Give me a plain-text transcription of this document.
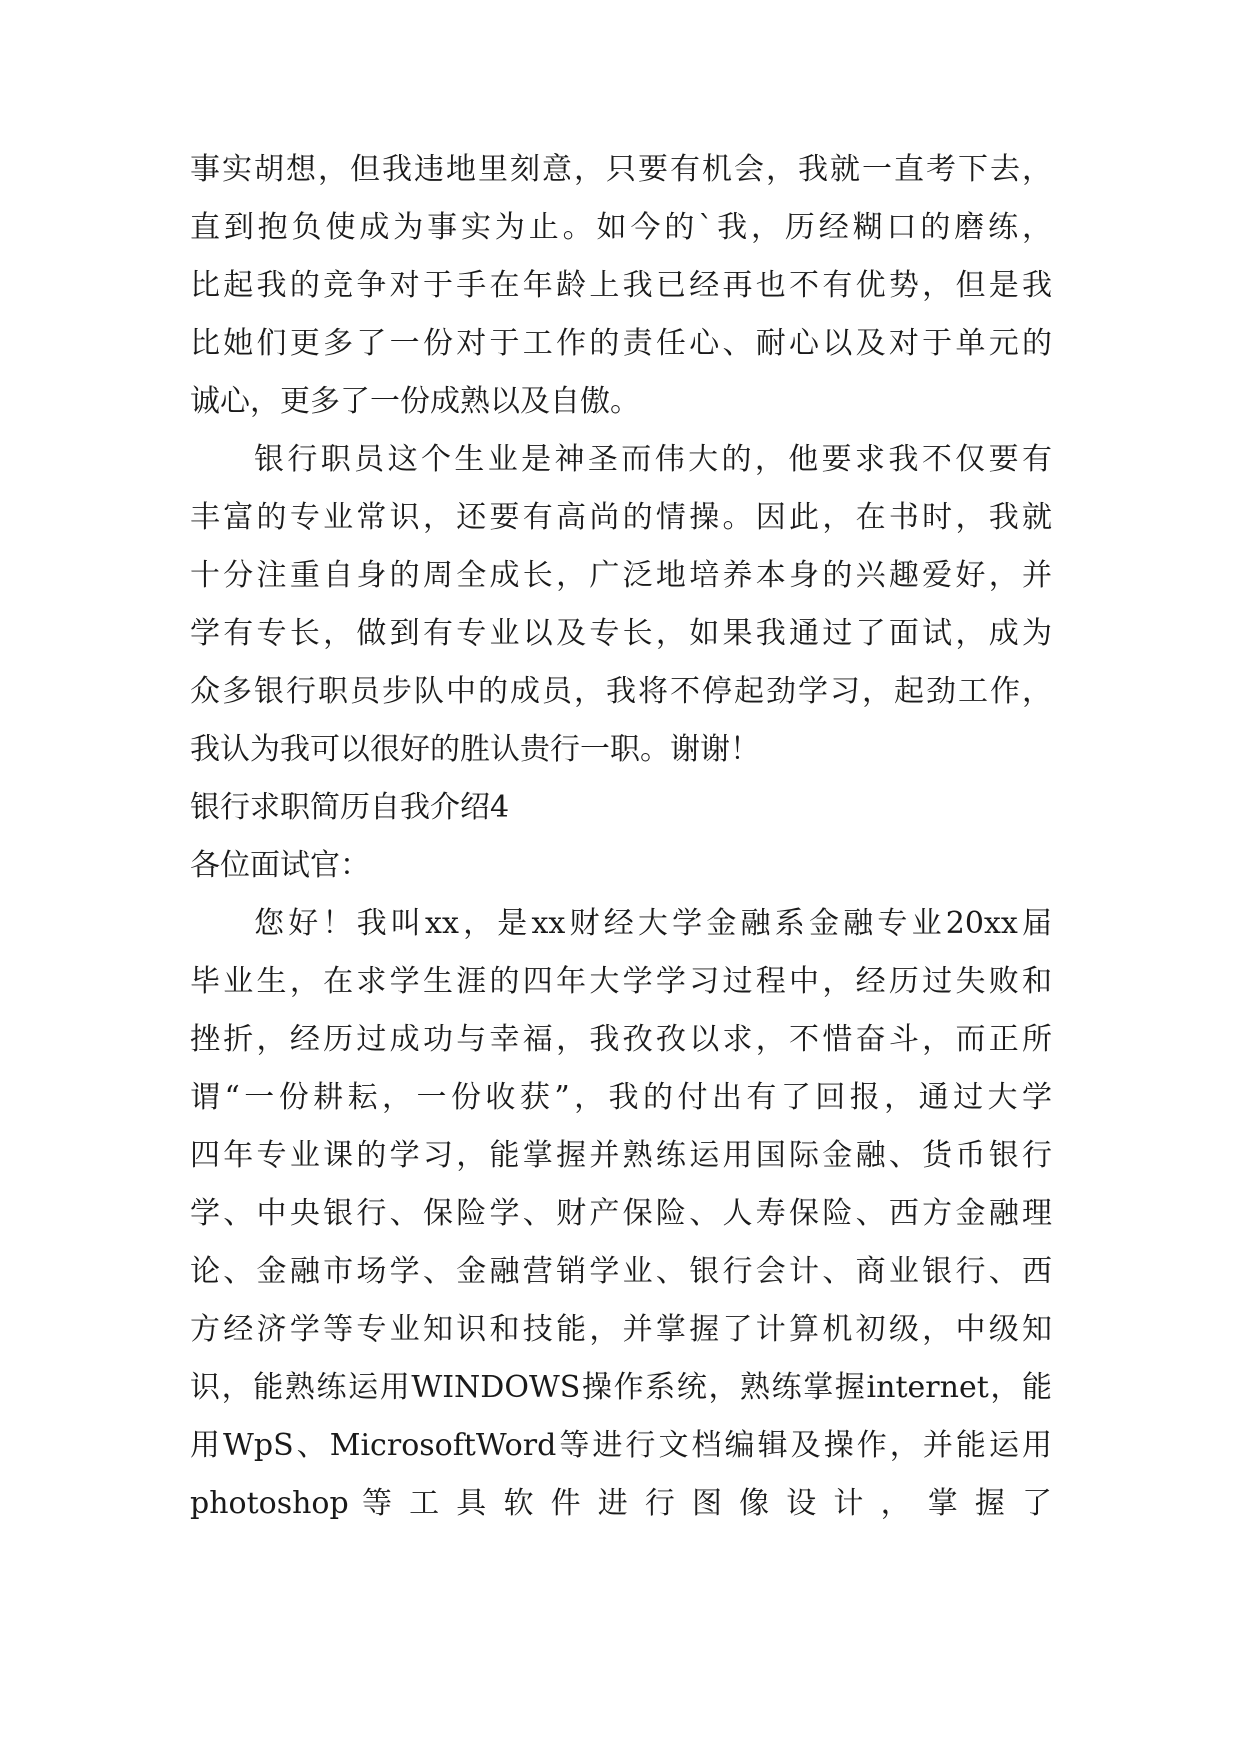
事实胡想，但我违地里刻意，只要有机会，我就一直考下去，

直到抱负使成为事实为止。如今的`我，历经糊口的磨练，

比起我的竞争对于手在年龄上我已经再也不有优势，但是我

比她们更多了一份对于工作的责任心、耐心以及对于单元的

诚心，更多了一份成熟以及自傲。

银行职员这个生业是神圣而伟大的，他要求我不仅要有

丰富的专业常识，还要有高尚的情操。因此，在书时，我就

十分注重自身的周全成长，广泛地培养本身的兴趣爱好，并

学有专长，做到有专业以及专长，如果我通过了面试，成为

众多银行职员步队中的成员，我将不停起劲学习，起劲工作，

我认为我可以很好的胜认贵行一职。谢谢！

银行求职简历自我介绍4

各位面试官：

您好！我叫xx，是xx财经大学金融系金融专业20xx届

毕业生，在求学生涯的四年大学学习过程中，经历过失败和

挫折，经历过成功与幸福，我孜孜以求，不惜奋斗，而正所

谓“一份耕耘，一份收获”，我的付出有了回报，通过大学

四年专业课的学习，能掌握并熟练运用国际金融、货币银行

学、中央银行、保险学、财产保险、人寿保险、西方金融理

论、金融市场学、金融营销学业、银行会计、商业银行、西

方经济学等专业知识和技能，并掌握了计算机初级，中级知

识，能熟练运用WINDOWS操作系统，熟练掌握internet，能

用WpS、MicrosoftWord等进行文档编辑及操作，并能运用

photoshop 等 工 具 软 件 进 行 图 像 设 计 ， 掌 握 了
